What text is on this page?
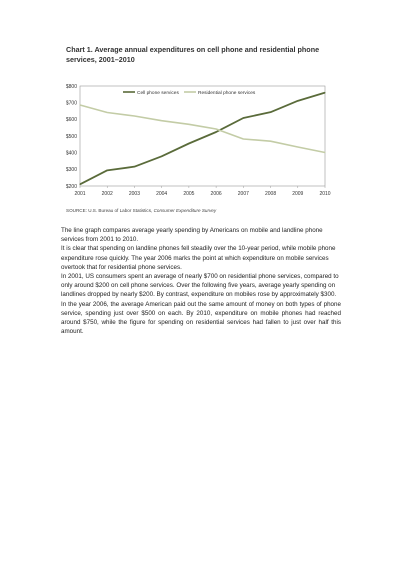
Chart 1. Average annual expenditures on cell phone and residential phone services, 2001–2010
$200
$300
$400
$500
$600
$700
$800
2001	2002	2003	2004	2005	2006	2007	2008	2009	2010
Cell phone services	Residential phone services
SOURCE: U.S. Bureau of Labor Statistics, Consumer Expenditure Survey

The line graph compares average yearly spending by Americans on mobile and landline phone services from 2001 to 2010.

It is clear that spending on landline phones fell steadily over the 10-year period, while mobile phone expenditure rose quickly. The year 2006 marks the point at which expenditure on mobile services overtook that for residential phone services.

In 2001, US consumers spent an average of nearly $700 on residential phone services, compared to only around $200 on cell phone services. Over the following five years, average yearly spending on landlines dropped by nearly $200. By contrast, expenditure on mobiles rose by approximately $300.

In the year 2006, the average American paid out the same amount of money on both types of phone service, spending just over $500 on each. By 2010, expenditure on mobile phones had reached around $750, while the figure for spending on residential services had fallen to just over half this amount.
